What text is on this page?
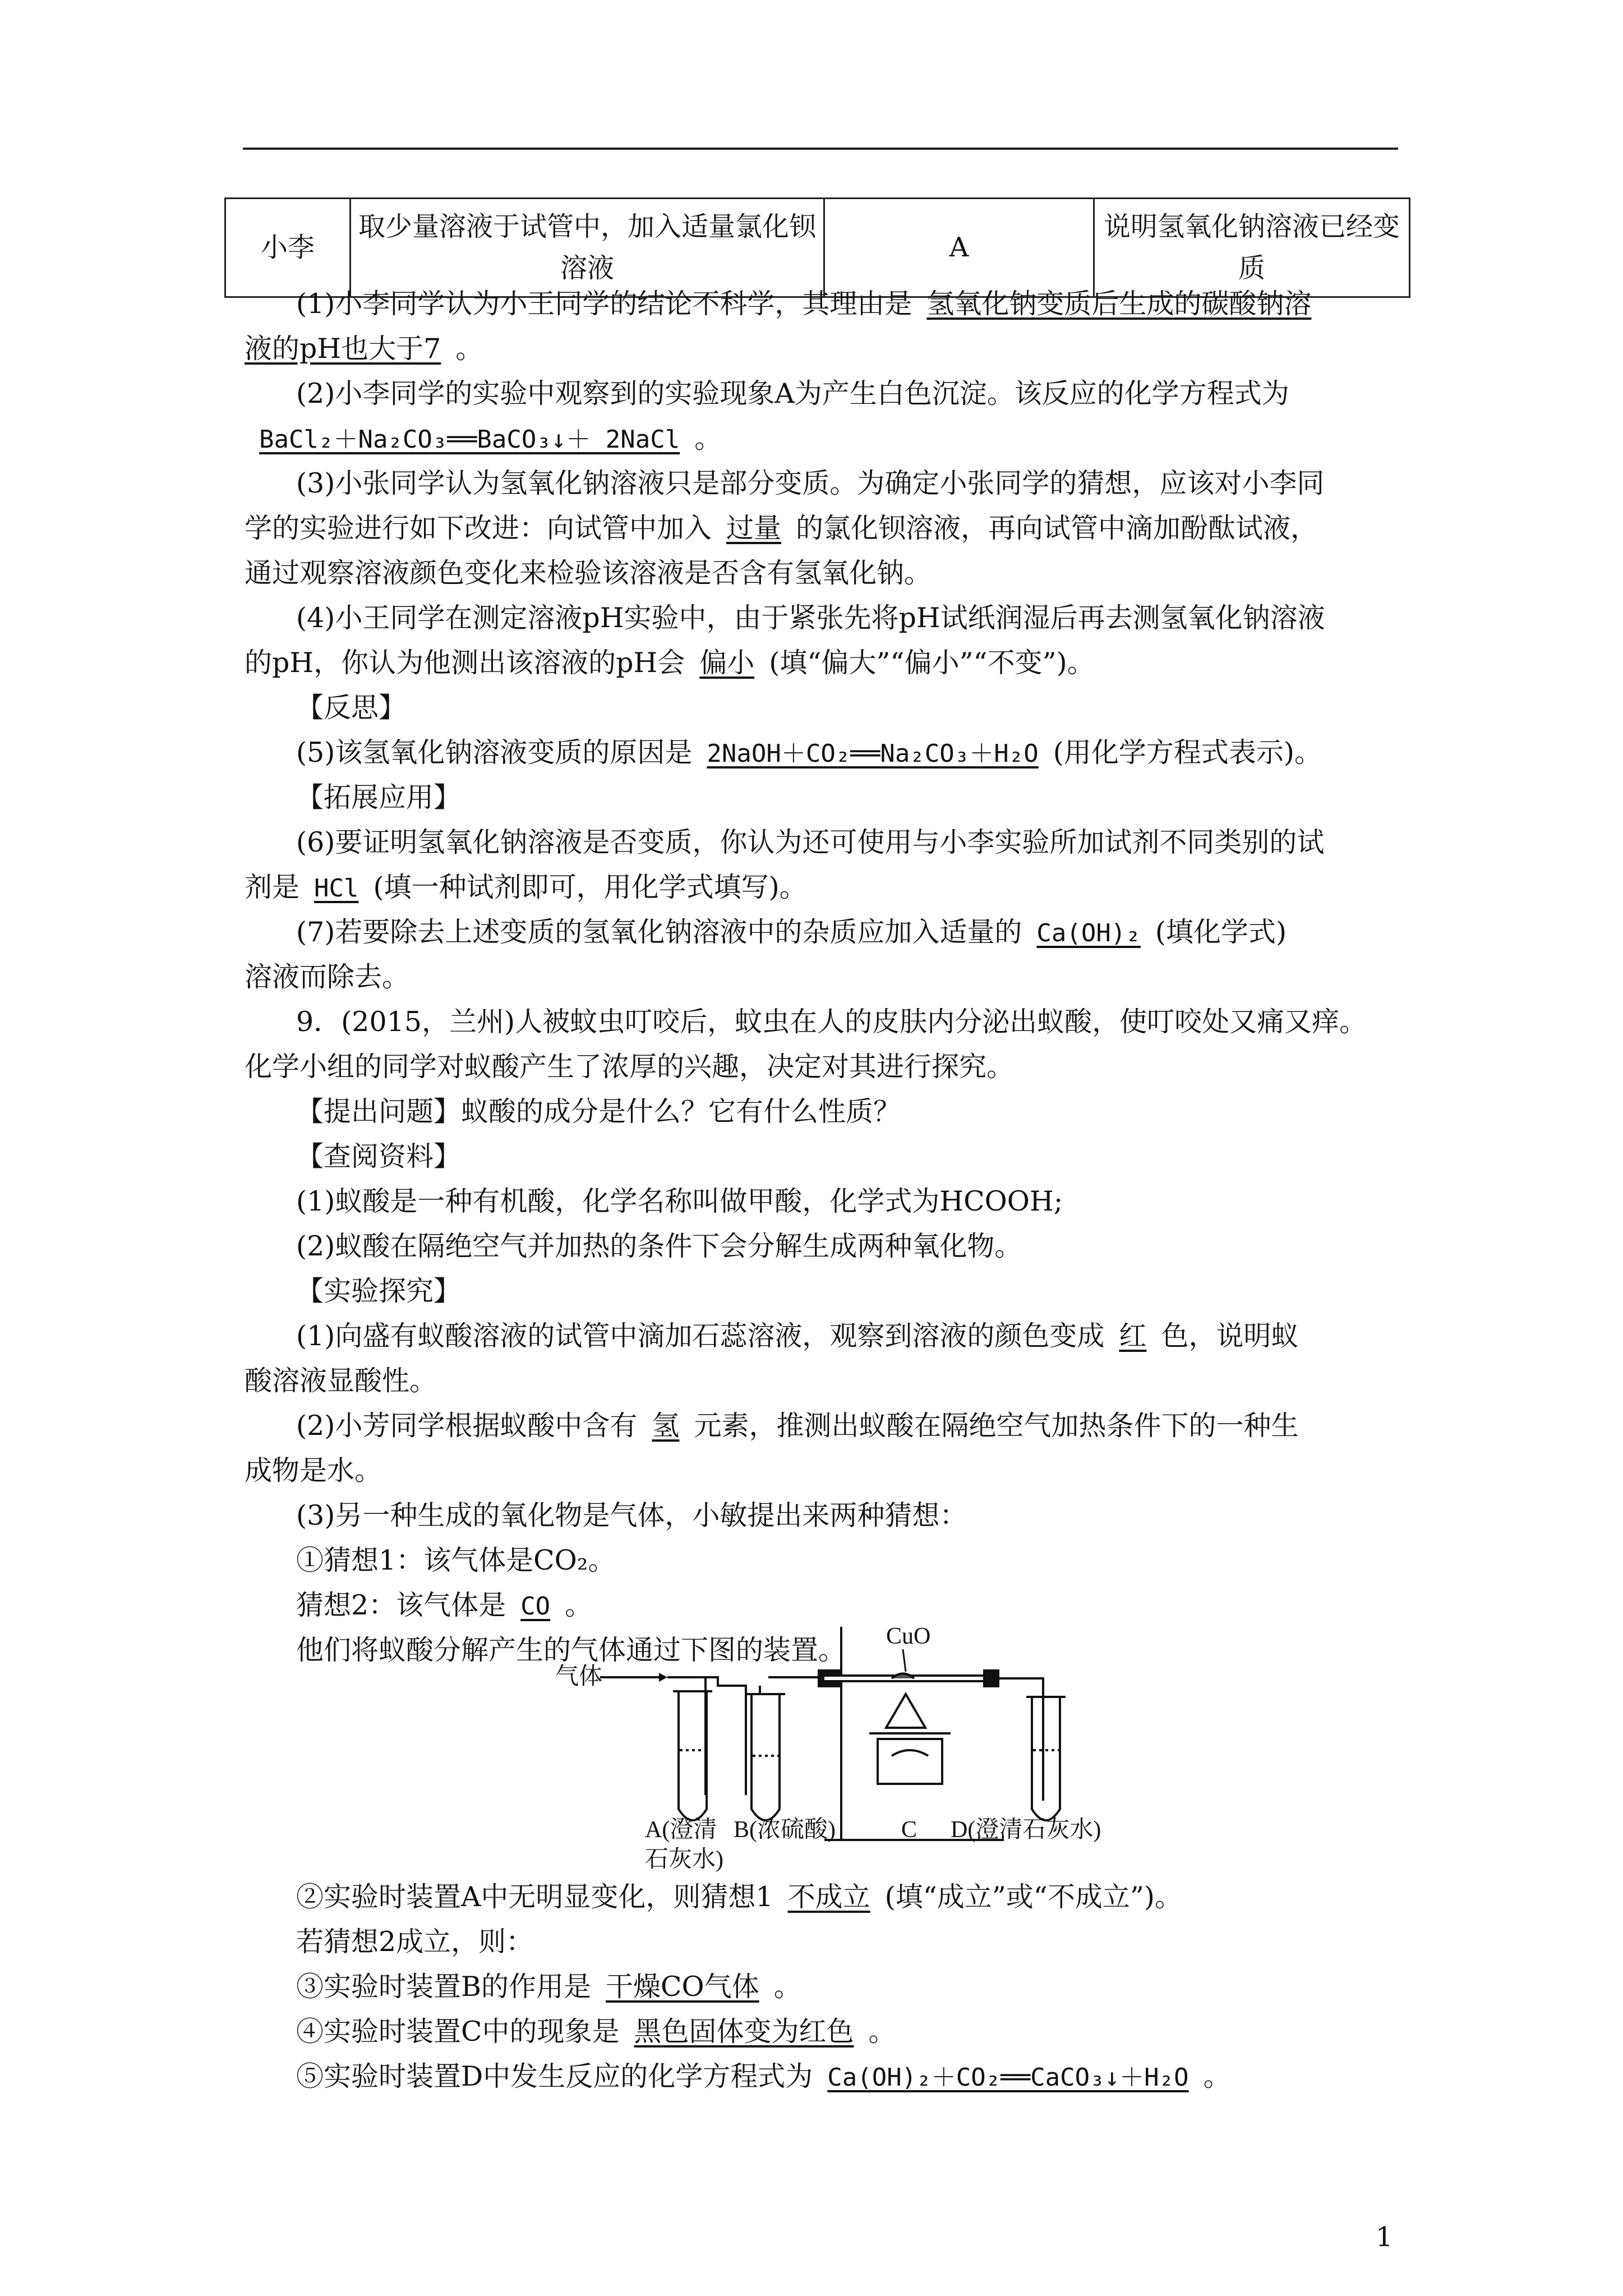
小李	取少量溶液于试管中，加入适量氯化钡溶液	A	说明氢氧化钠溶液已经变质
(1)小李同学认为小王同学的结论不科学，其理由是 氢氧化钠变质后生成的碳酸钠溶
液的pH也大于7 。
(2)小李同学的实验中观察到的实验现象A为产生白色沉淀。该反应的化学方程式为
BaCl₂＋Na₂CO₃══BaCO₃↓＋ 2NaCl 。
(3)小张同学认为氢氧化钠溶液只是部分变质。为确定小张同学的猜想，应该对小李同
学的实验进行如下改进：向试管中加入 过量 的氯化钡溶液，再向试管中滴加酚酞试液，
通过观察溶液颜色变化来检验该溶液是否含有氢氧化钠。
(4)小王同学在测定溶液pH实验中，由于紧张先将pH试纸润湿后再去测氢氧化钠溶液
的pH，你认为他测出该溶液的pH会 偏小 (填“偏大”“偏小”“不变”)。
【反思】
(5)该氢氧化钠溶液变质的原因是 2NaOH＋CO₂══Na₂CO₃＋H₂O (用化学方程式表示)。
【拓展应用】
(6)要证明氢氧化钠溶液是否变质，你认为还可使用与小李实验所加试剂不同类别的试
剂是 HCl (填一种试剂即可，用化学式填写)。
(7)若要除去上述变质的氢氧化钠溶液中的杂质应加入适量的 Ca(OH)₂ (填化学式)
溶液而除去。
9．(2015，兰州)人被蚊虫叮咬后，蚊虫在人的皮肤内分泌出蚁酸，使叮咬处又痛又痒。
化学小组的同学对蚁酸产生了浓厚的兴趣，决定对其进行探究。
【提出问题】蚁酸的成分是什么？它有什么性质？
【查阅资料】
(1)蚁酸是一种有机酸，化学名称叫做甲酸，化学式为HCOOH;
(2)蚁酸在隔绝空气并加热的条件下会分解生成两种氧化物。
【实验探究】
(1)向盛有蚁酸溶液的试管中滴加石蕊溶液，观察到溶液的颜色变成 红 色，说明蚁
酸溶液显酸性。
(2)小芳同学根据蚁酸中含有 氢 元素，推测出蚁酸在隔绝空气加热条件下的一种生
成物是水。
(3)另一种生成的氧化物是气体，小敏提出来两种猜想：
①猜想1：该气体是CO₂。
猜想2：该气体是 CO 。
他们将蚁酸分解产生的气体通过下图的装置。
②实验时装置A中无明显变化，则猜想1 不成立 (填“成立”或“不成立”)。
若猜想2成立，则：
③实验时装置B的作用是 干燥CO气体 。
④实验时装置C中的现象是 黑色固体变为红色 。
⑤实验时装置D中发生反应的化学方程式为 Ca(OH)₂＋CO₂══CaCO₃↓＋H₂O 。
气体
CuO
A(澄清
石灰水)
B(浓硫酸)	C D(澄清石灰水)
1
